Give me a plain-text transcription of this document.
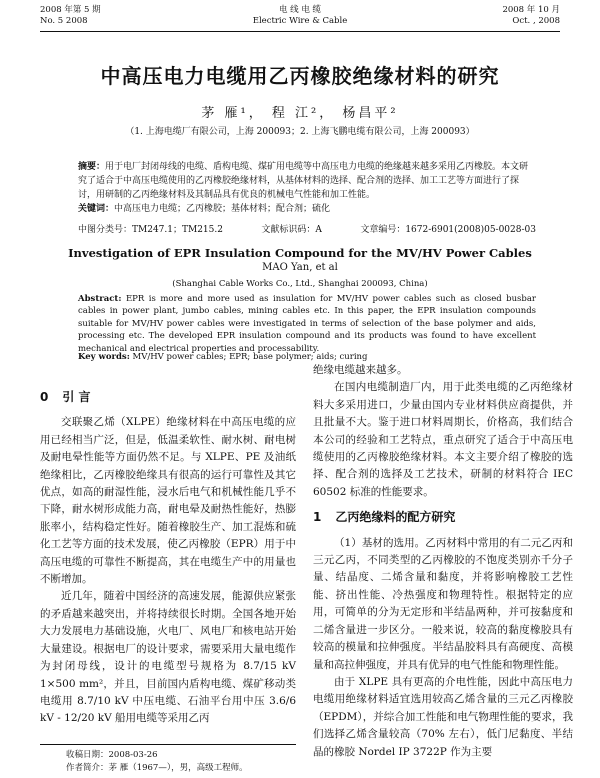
2008 年第 5 期
No. 5 2008
电 线 电 缆
Electric Wire & Cable
2008 年 10 月
Oct. , 2008
中高压电力电缆用乙丙橡胶绝缘材料的研究
茅 雁¹， 程 江²， 杨昌平²
（1. 上海电缆厂有限公司，上海 200093；2. 上海飞鹏电缆有限公司，上海 200093）
摘要：用于电厂封闭母线的电缆、盾构电缆、煤矿用电缆等中高压电力电缆的绝缘越来越多采用乙丙橡胶。本文研究了适合于中高压电缆使用的乙丙橡胶绝缘材料，从基体材料的选择、配合剂的选择、加工工艺等方面进行了探讨，用研制的乙丙绝缘材料及其制品具有优良的机械电气性能和加工性能。
关键词：中高压电力电缆；乙丙橡胶；基体材料；配合剂；硫化
中图分类号：TM247.1；TM215.2	文献标识码：A	文章编号：1672-6901(2008)05-0028-03
Investigation of EPR Insulation Compound for the MV/HV Power Cables
MAO Yan, et al
(Shanghai Cable Works Co., Ltd., Shanghai 200093, China)
Abstract: EPR is more and more used as insulation for MV/HV power cables such as closed busbar cables in power plant, jumbo cables, mining cables etc. In this paper, the EPR insulation compounds suitable for MV/HV power cables were investigated in terms of selection of the base polymer and aids, processing etc. The developed EPR insulation compound and its products was found to have excellent mechanical and electrical properties and processability.
Key words: MV/HV power cables; EPR; base polymer; aids; curing
0 引 言

交联聚乙烯（XLPE）绝缘材料在中高压电缆的应用已经相当广泛，但是，低温柔软性、耐水树、耐电树及耐电晕性能等方面仍然不足。与 XLPE、PE 及油纸绝缘相比，乙丙橡胶绝缘具有很高的运行可靠性及其它优点，如高的耐湿性能，浸水后电气和机械性能几乎不下降，耐水树形成能力高，耐电晕及耐热性能好，热膨胀率小，结构稳定性好。随着橡胶生产、加工混炼和硫化工艺等方面的技术发展，使乙丙橡胶（EPR）用于中高压电缆的可靠性不断提高，其在电缆生产中的用量也不断增加。

近几年，随着中国经济的高速发展，能源供应紧张的矛盾越来越突出，并将持续很长时期。全国各地开始大力发展电力基础设施，火电厂、风电厂和核电站开始大量建设。根据电厂的设计要求，需要采用大量电缆作为封闭母线，设计的电缆型号规格为 8.7/15 kV 1×500 mm²，并且，目前国内盾构电缆、煤矿移动类电缆用 8.7/10 kV 中压电缆、石油平台用中压 3.6/6 kV - 12/20 kV 船用电缆等采用乙丙

绝缘电缆越来越多。

在国内电缆制造厂内，用于此类电缆的乙丙绝缘材料大多采用进口，少量由国内专业材料供应商提供，并且批量不大。鉴于进口材料周期长，价格高，我们结合本公司的经验和工艺特点，重点研究了适合于中高压电缆使用的乙丙橡胶绝缘材料。本文主要介绍了橡胶的选择、配合剂的选择及工艺技术，研制的材料符合 IEC 60502 标准的性能要求。

1 乙丙绝缘料的配方研究

（1）基材的选用。乙丙材料中常用的有二元乙丙和三元乙丙，不同类型的乙丙橡胶的不饱度类别亦千分子量、结晶度、二烯含量和黏度，并将影响橡胶工艺性能、挤出性能、冷热强度和物理特性。根据特定的应用，可简单的分为无定形和半结晶两种，并可按黏度和二烯含量进一步区分。一般来说，较高的黏度橡胶具有较高的模量和拉伸强度。半结晶胶料具有高硬度、高模量和高拉伸强度，并具有优异的电气性能和物理性能。

由于 XLPE 具有更高的介电性能，因此中高压电力电缆用绝缘材料适宜选用较高乙烯含量的三元乙丙橡胶（EPDM），并综合加工性能和电气物理性能的要求，我们选择乙烯含量较高（70% 左右），低门尼黏度、半结晶的橡胶 Nordel IP 3722P 作为主要

收稿日期：2008-03-26
作者简介：茅 雁（1967—），男，高级工程师。
